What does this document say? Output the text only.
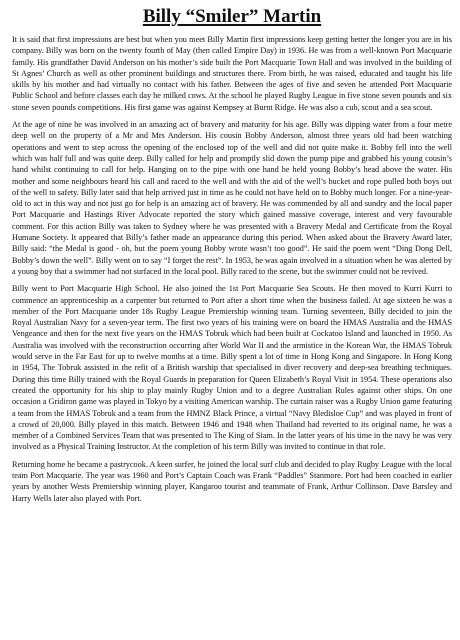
Billy “Smiler” Martin

It is said that first impressions are best but when you meet Billy Martin first impressions keep getting better the longer you are in his company. Billy was born on the twenty fourth of May (then called Empire Day) in 1936. He was from a well-known Port Macquarie family. His grandfather David Anderson on his mother’s side built the Port Macquarie Town Hall and was involved in the building of St Agnes’ Church as well as other prominent buildings and structures there. From birth, he was raised, educated and taught his life skills by his mother and had virtually no contact with his father. Between the ages of five and seven he attended Port Macquarie Public School and before classes each day he milked cows. At the school he played Rugby League in five stone seven pounds and six stone seven pounds competitions. His first game was against Kempsey at Burnt Ridge. He was also a cub, scout and a sea scout.

At the age of nine he was involved in an amazing act of bravery and maturity for his age. Billy was dipping water from a four metre deep well on the property of a Mr and Mrs Anderson. His cousin Bobby Anderson, almost three years old had been watching operations and went to step across the opening of the enclosed top of the well and did not quite make it. Bobby fell into the well which was half full and was quite deep. Billy called for help and promptly slid down the pump pipe and grabbed his young cousin’s hand whilst continuing to call for help. Hanging on to the pipe with one hand he held young Bobby’s head above the water. His mother and some neighbours heard his call and raced to the well and with the aid of the well’s bucket and rope pulled both boys out of the well to safety. Billy later said that help arrived just in time as he could not have held on to Bobby much longer. For a nine-year-old to act in this way and not just go for help is an amazing act of bravery. He was commended by all and sundry and the local paper Port Macquarie and Hastings River Advocate reported the story which gained massive coverage, interest and very favourable comment. For this action Billy was taken to Sydney where he was presented with a Bravery Medal and Certificate from the Royal Humane Society. It appeared that Billy’s father made an appearance during this period. When asked about the Bravery Award later, Billy said: “the Medal is good - oh, but the poem young Bobby wrote wasn’t too good”. He said the poem went “Ding Dong Dell, Bobby’s down the well”. Billy went on to say “I forget the rest”. In 1953, he was again involved in a situation when he was alerted by a young boy that a swimmer had not surfaced in the local pool. Billy raced to the scene, but the swimmer could not be revived.

Billy went to Port Macquarie High School. He also joined the 1st Port Macquarie Sea Scouts. He then moved to Kurri Kurri to commence an apprenticeship as a carpenter but returned to Port after a short time when the business failed. At age sixteen he was a member of the Port Macquarie under 18s Rugby League Premiership winning team. Turning seventeen, Billy decided to join the Royal Australian Navy for a seven-year term. The first two years of his training were on board the HMAS Australia and the HMAS Vengeance and then for the next five years on the HMAS Tobruk which had been built at Cockatoo Island and launched in 1950. As Australia was involved with the reconstruction occurring after World War II and the armistice in the Korean War, the HMAS Tobruk would serve in the Far East for up to twelve months at a time. Billy spent a lot of time in Hong Kong and Singapore. In Hong Kong in 1954, The Tobruk assisted in the refit of a British warship that specialised in diver recovery and deep-sea breathing techniques. During this time Billy trained with the Royal Guards in preparation for Queen Elizabeth’s Royal Visit in 1954. These operations also created the opportunity for his ship to play mainly Rugby Union and to a degree Australian Rules against other ships. On one occasion a Gridiron game was played in Tokyo by a visiting American warship. The curtain raiser was a Rugby Union game featuring a team from the HMAS Tobruk and a team from the HMNZ Black Prince, a virtual “Navy Bledisloe Cup” and was played in front of a crowd of 20,000. Billy played in this match. Between 1946 and 1948 when Thailand had reverted to its original name, he was a member of a Combined Services Team that was presented to The King of Siam. In the latter years of his time in the navy he was very involved as a Physical Training Instructor. At the completion of his term Billy was invited to continue in that role.

Returning home he became a pastrycook. A keen surfer, he joined the local surf club and decided to play Rugby League with the local team Port Macquarie. The year was 1960 and Port’s Captain Coach was Frank “Paddles” Stanmore. Port had been coached in earlier years by another Wests Premiership winning player, Kangaroo tourist and teammate of Frank, Arthur Collinson. Dave Barsley and Harry Wells later also played with Port.
